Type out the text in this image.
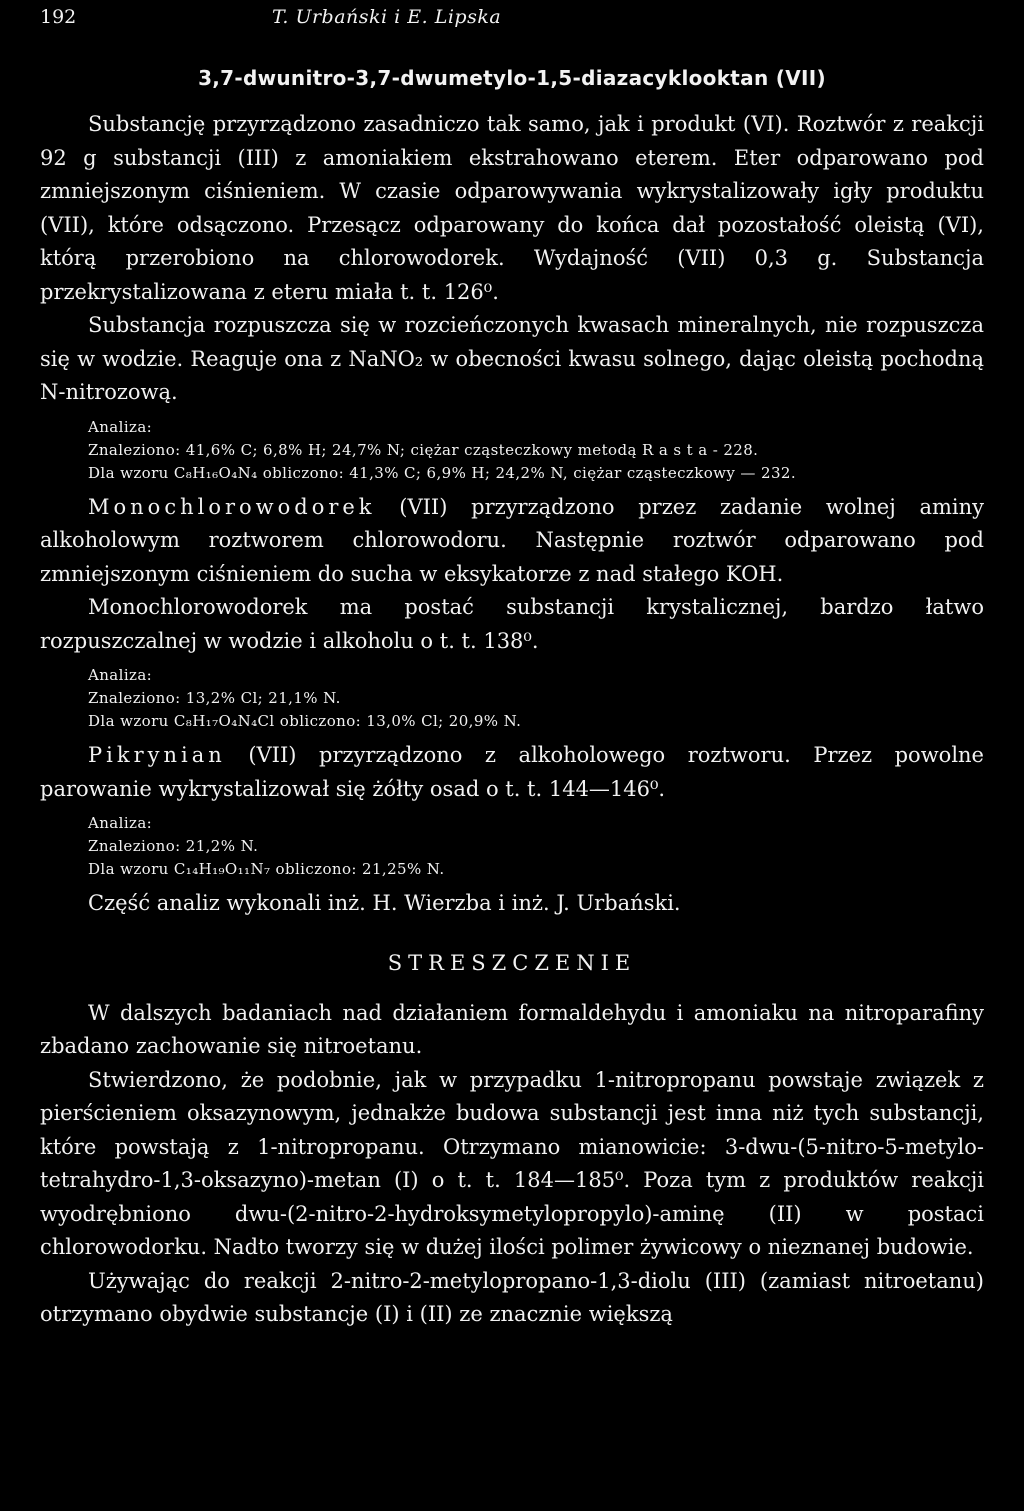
192	T. Urbański i E. Lipska
3,7-dwunitro-3,7-dwumetylo-1,5-diazacyklooktan (VII)

Substancję przyrządzono zasadniczo tak samo, jak i produkt (VI). Roztwór z reakcji 92 g substancji (III) z amoniakiem ekstrahowano eterem. Eter odparowano pod zmniejszonym ciśnieniem. W czasie odparowywania wykrystalizowały igły produktu (VII), które odsączono. Przesącz odparowany do końca dał pozostałość oleistą (VI), którą przerobiono na chlorowodorek. Wydajność (VII) 0,3 g. Substancja przekrystalizowana z eteru miała t. t. 126⁰.

Substancja rozpuszcza się w rozcieńczonych kwasach mineralnych, nie rozpuszcza się w wodzie. Reaguje ona z NaNO₂ w obecności kwasu solnego, dając oleistą pochodną N-nitrozową.

Analiza:
Znaleziono: 41,6% C; 6,8% H; 24,7% N; ciężar cząsteczkowy metodą R a s t a - 228.
Dla wzoru C₈H₁₆O₄N₄ obliczono: 41,3% C; 6,9% H; 24,2% N, ciężar cząsteczkowy — 232.

Monochlorowodorek (VII) przyrządzono przez zadanie wolnej aminy alkoholowym roztworem chlorowodoru. Następnie roztwór odparowano pod zmniejszonym ciśnieniem do sucha w eksykatorze z nad stałego KOH.

Monochlorowodorek ma postać substancji krystalicznej, bardzo łatwo rozpuszczalnej w wodzie i alkoholu o t. t. 138⁰.

Analiza:
Znaleziono: 13,2% Cl; 21,1% N.
Dla wzoru C₈H₁₇O₄N₄Cl obliczono: 13,0% Cl; 20,9% N.

Pikrynian (VII) przyrządzono z alkoholowego roztworu. Przez powolne parowanie wykrystalizował się żółty osad o t. t. 144—146⁰.

Analiza:
Znaleziono: 21,2% N.
Dla wzoru C₁₄H₁₉O₁₁N₇ obliczono: 21,25% N.

Część analiz wykonali inż. H. Wierzba i inż. J. Urbański.

STRESZCZENIE

W dalszych badaniach nad działaniem formaldehydu i amoniaku na nitroparafiny zbadano zachowanie się nitroetanu.

Stwierdzono, że podobnie, jak w przypadku 1-nitropropanu powstaje związek z pierścieniem oksazynowym, jednakże budowa substancji jest inna niż tych substancji, które powstają z 1-nitropropanu. Otrzymano mianowicie: 3-dwu-(5-nitro-5-metylo-tetrahydro-1,3-oksazyno)-metan (I) o t. t. 184—185⁰. Poza tym z produktów reakcji wyodrębniono dwu-(2-nitro-2-hydroksymetylopropylo)-aminę (II) w postaci chlorowodorku. Nadto tworzy się w dużej ilości polimer żywicowy o nieznanej budowie.

Używając do reakcji 2-nitro-2-metylopropano-1,3-diolu (III) (zamiast nitroetanu) otrzymano obydwie substancje (I) i (II) ze znacznie większą
